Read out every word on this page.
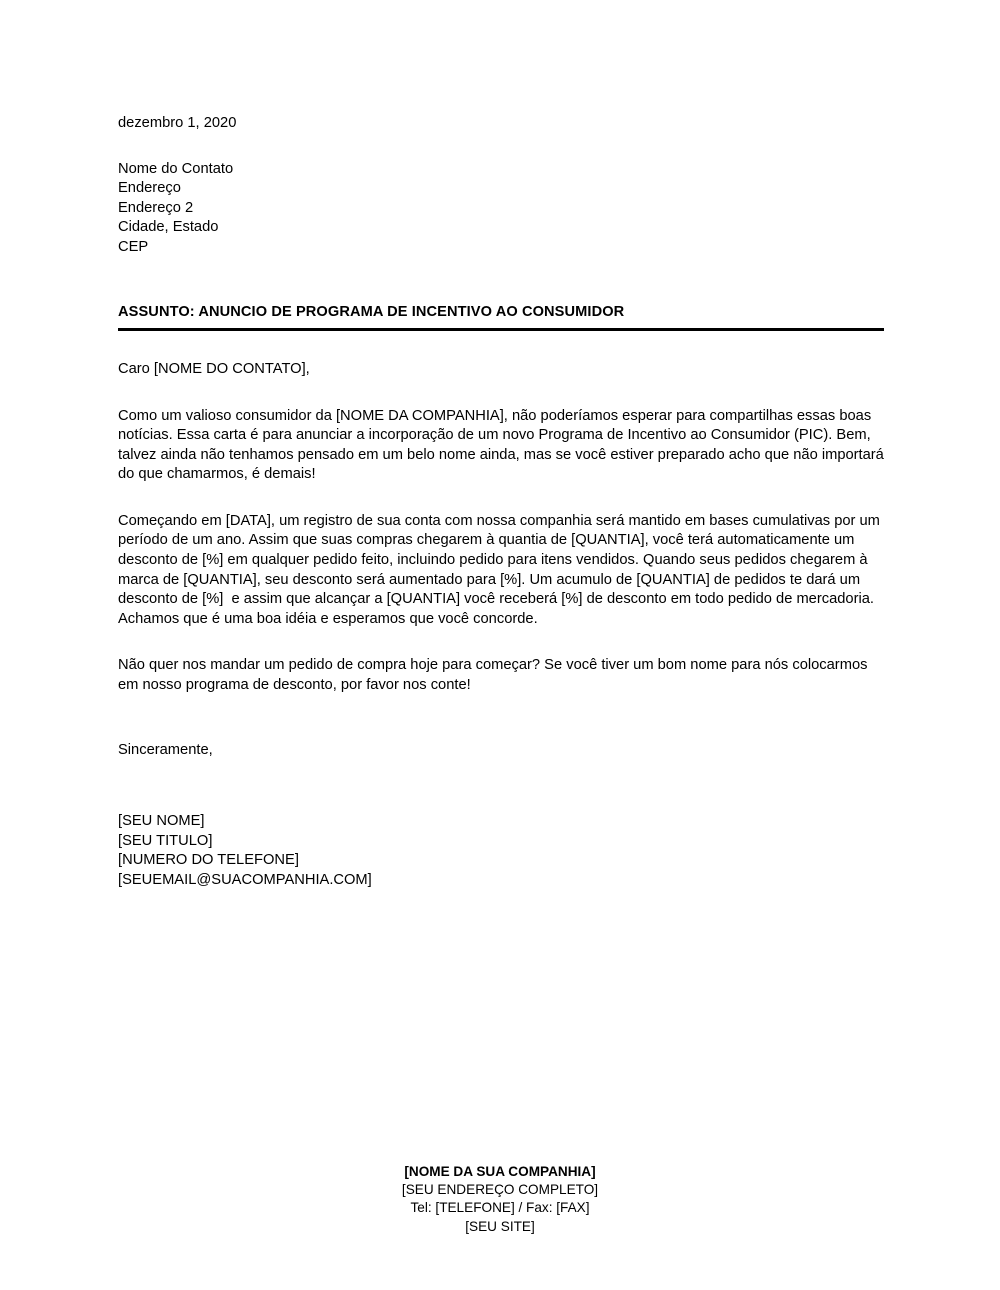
dezembro 1, 2020
Nome do Contato
Endereço
Endereço 2
Cidade, Estado
CEP
ASSUNTO: ANUNCIO DE PROGRAMA DE INCENTIVO AO CONSUMIDOR
Caro [NOME DO CONTATO],

Como um valioso consumidor da [NOME DA COMPANHIA], não poderíamos esperar para compartilhas essas boas notícias. Essa carta é para anunciar a incorporação de um novo Programa de Incentivo ao Consumidor (PIC). Bem, talvez ainda não tenhamos pensado em um belo nome ainda, mas se você estiver preparado acho que não importará do que chamarmos, é demais!

Começando em [DATA], um registro de sua conta com nossa companhia será mantido em bases cumulativas por um período de um ano. Assim que suas compras chegarem à quantia de [QUANTIA], você terá automaticamente um desconto de [%] em qualquer pedido feito, incluindo pedido para itens vendidos. Quando seus pedidos chegarem à marca de [QUANTIA], seu desconto será aumentado para [%]. Um acumulo de [QUANTIA] de pedidos te dará um desconto de [%]  e assim que alcançar a [QUANTIA] você receberá [%] de desconto em todo pedido de mercadoria. Achamos que é uma boa idéia e esperamos que você concorde.

Não quer nos mandar um pedido de compra hoje para começar? Se você tiver um bom nome para nós colocarmos em nosso programa de desconto, por favor nos conte!

Sinceramente,
[SEU NOME]
[SEU TITULO]
[NUMERO DO TELEFONE]
[SEUEMAIL@SUACOMPANHIA.COM]
[NOME DA SUA COMPANHIA]
[SEU ENDEREÇO COMPLETO]
Tel: [TELEFONE] / Fax: [FAX]
[SEU SITE]
